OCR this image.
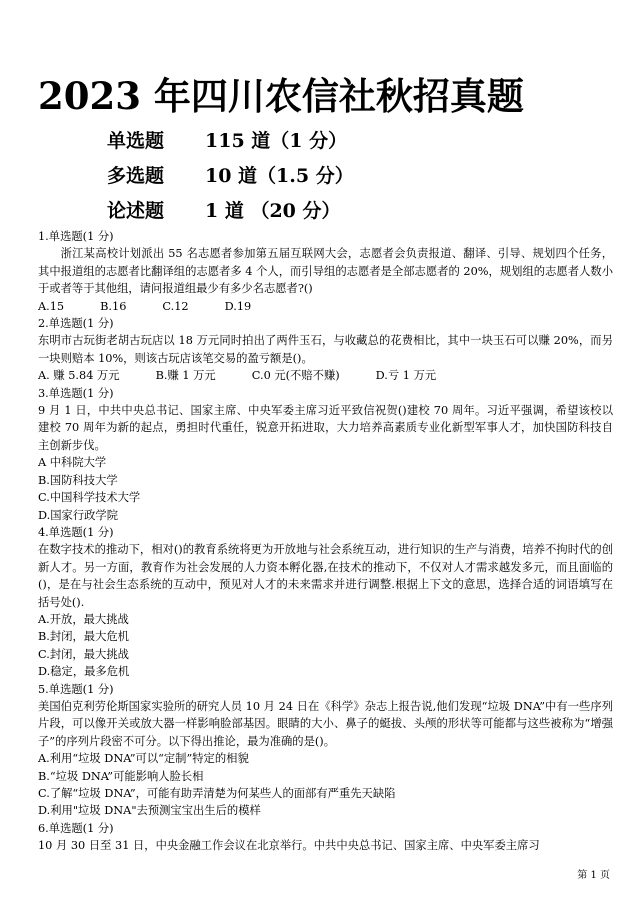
2023 年四川农信社秋招真题
单选题 115 道（1 分）
多选题 10 道（1.5 分）
论述题 1 道 （20 分）
1.单选题(1 分)
浙江某高校计划派出 55 名志愿者参加第五届互联网大会，志愿者会负责报道、翻译、引导、规划四个任务，其中报道组的志愿者比翻译组的志愿者多 4 个人，而引导组的志愿者是全部志愿者的 20%，规划组的志愿者人数小于或者等于其他组，请问报道组最少有多少名志愿者?()
A.15	B.16	C.12	D.19
2.单选题(1 分)
东明市古玩街老胡古玩店以 18 万元同时拍出了两件玉石，与收藏总的花费相比，其中一块玉石可以赚 20%，而另一块则赔本 10%，则该古玩店该笔交易的盈亏额是()。
A. 赚 5.84 万元	B.赚 1 万元	C.0 元(不赔不赚)	D.亏 1 万元
3.单选题(1 分)
9 月 1 日，中共中央总书记、国家主席、中央军委主席习近平致信祝贺()建校 70 周年。习近平强调，希望该校以建校 70 周年为新的起点，勇担时代重任，锐意开拓进取，大力培养高素质专业化新型军事人才，加快国防科技自主创新步伐。
A 中科院大学
B.国防科技大学
C.中国科学技术大学
D.国家行政学院
4.单选题(1 分)
在数字技术的推动下，相对()的教育系统将更为开放地与社会系统互动，进行知识的生产与消费，培养不拘时代的创新人才。另一方面，教育作为社会发展的人力资本孵化器,在技术的推动下，不仅对人才需求越发多元，而且面临的()，是在与社会生态系统的互动中，预见对人才的未来需求并进行调整.根据上下文的意思，选择合适的词语填写在括号处().
A.开放，最大挑战
B.封闭，最大危机
C.封闭，最大挑战
D.稳定，最多危机
5.单选题(1 分)
美国伯克利劳伦斯国家实验所的研究人员 10 月 24 日在《科学》杂志上报告说,他们发现“垃圾 DNA”中有一些序列片段，可以像开关或放大器一样影响脸部基因。眼睛的大小、鼻子的蜓拔、头颅的形状等可能都与这些被称为“增强子”的序列片段密不可分。以下得出推论，最为准确的是()。
A.利用“垃圾 DNA”可以“定制”特定的相貌
B.“垃圾 DNA”可能影响人脸长相
C.了解“垃圾 DNA”，可能有助弄清楚为何某些人的面部有严重先天缺陷
D.利用"垃圾 DNA"去预测宝宝出生后的模样
6.单选题(1 分)
10 月 30 日至 31 日，中央金融工作会议在北京举行。中共中央总书记、国家主席、中央军委主席习
第 1 页
